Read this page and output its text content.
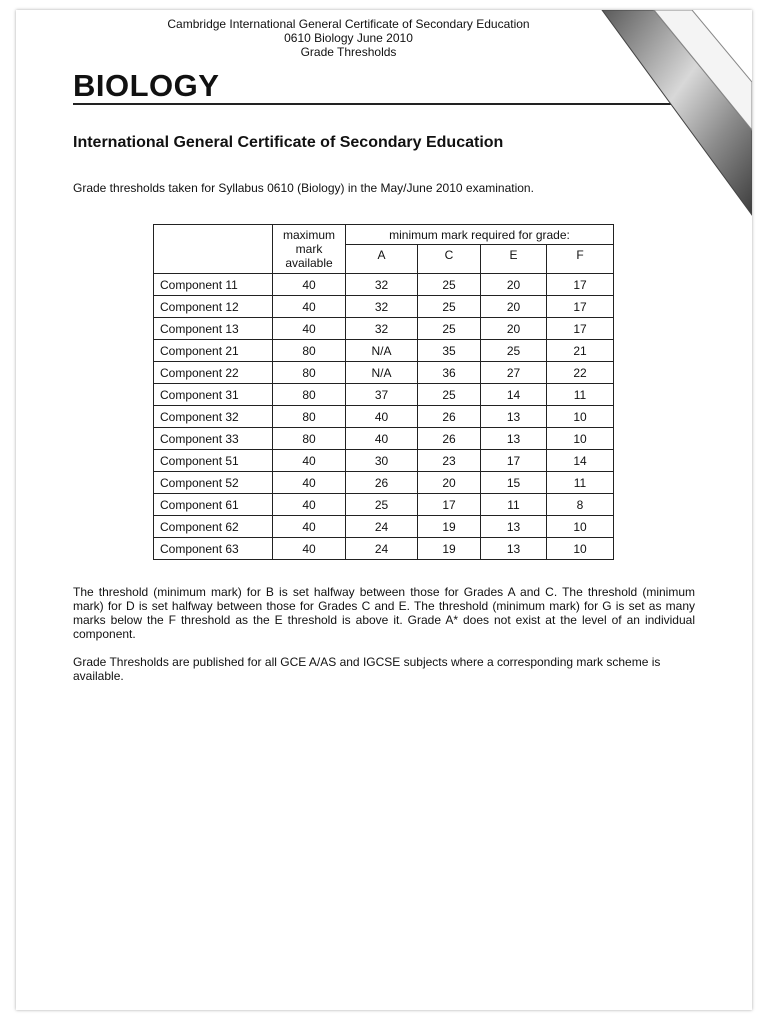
Cambridge International General Certificate of Secondary Education
0610 Biology June 2010
Grade Thresholds
BIOLOGY
International General Certificate of Secondary Education
Grade thresholds taken for Syllabus 0610 (Biology) in the May/June 2010 examination.
	maximum mark available	minimum mark required for grade:			
		A	C	E	F
Component 11	40	32	25	20	17
Component 12	40	32	25	20	17
Component 13	40	32	25	20	17
Component 21	80	N/A	35	25	21
Component 22	80	N/A	36	27	22
Component 31	80	37	25	14	11
Component 32	80	40	26	13	10
Component 33	80	40	26	13	10
Component 51	40	30	23	17	14
Component 52	40	26	20	15	11
Component 61	40	25	17	11	8
Component 62	40	24	19	13	10
Component 63	40	24	19	13	10

The threshold (minimum mark) for B is set halfway between those for Grades A and C. The threshold (minimum mark) for D is set halfway between those for Grades C and E. The threshold (minimum mark) for G is set as many marks below the F threshold as the E threshold is above it. Grade A* does not exist at the level of an individual component.

Grade Thresholds are published for all GCE A/AS and IGCSE subjects where a corresponding mark scheme is available.
